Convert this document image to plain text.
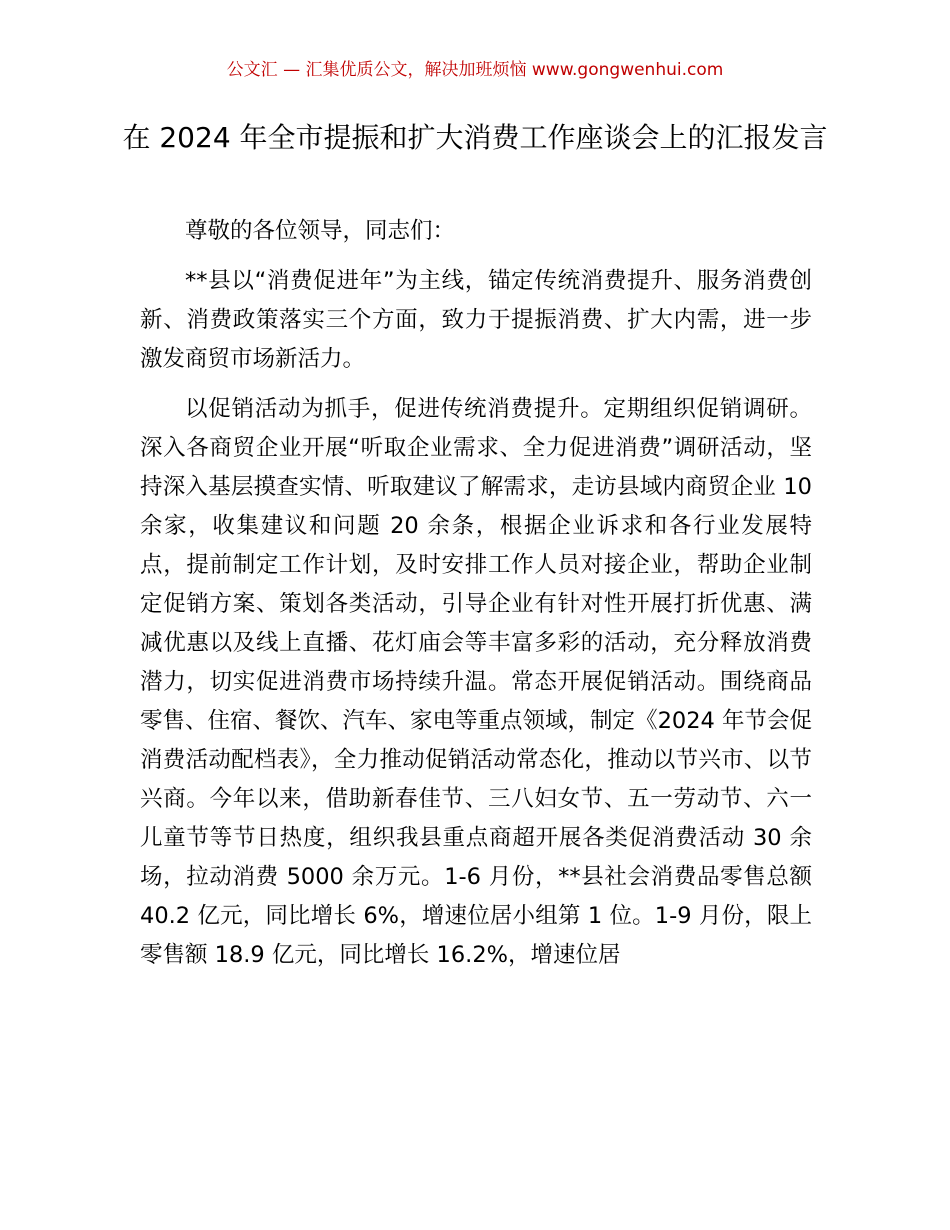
公文汇 — 汇集优质公文，解决加班烦恼 www.gongwenhui.com
在 2024 年全市提振和扩大消费工作座谈会上的汇报发言

尊敬的各位领导，同志们：

**县以“消费促进年”为主线，锚定传统消费提升、服务消费创新、消费政策落实三个方面，致力于提振消费、扩大内需，进一步激发商贸市场新活力。

以促销活动为抓手，促进传统消费提升。定期组织促销调研。深入各商贸企业开展“听取企业需求、全力促进消费”调研活动，坚持深入基层摸查实情、听取建议了解需求，走访县域内商贸企业 10 余家，收集建议和问题 20 余条，根据企业诉求和各行业发展特点，提前制定工作计划，及时安排工作人员对接企业，帮助企业制定促销方案、策划各类活动，引导企业有针对性开展打折优惠、满减优惠以及线上直播、花灯庙会等丰富多彩的活动，充分释放消费潜力，切实促进消费市场持续升温。常态开展促销活动。围绕商品零售、住宿、餐饮、汽车、家电等重点领域，制定《2024 年节会促消费活动配档表》，全力推动促销活动常态化，推动以节兴市、以节兴商。今年以来，借助新春佳节、三八妇女节、五一劳动节、六一儿童节等节日热度，组织我县重点商超开展各类促消费活动 30 余场，拉动消费 5000 余万元。1-6 月份，**县社会消费品零售总额 40.2 亿元，同比增长 6%，增速位居小组第 1 位。1-9 月份，限上零售额 18.9 亿元，同比增长 16.2%，增速位居
